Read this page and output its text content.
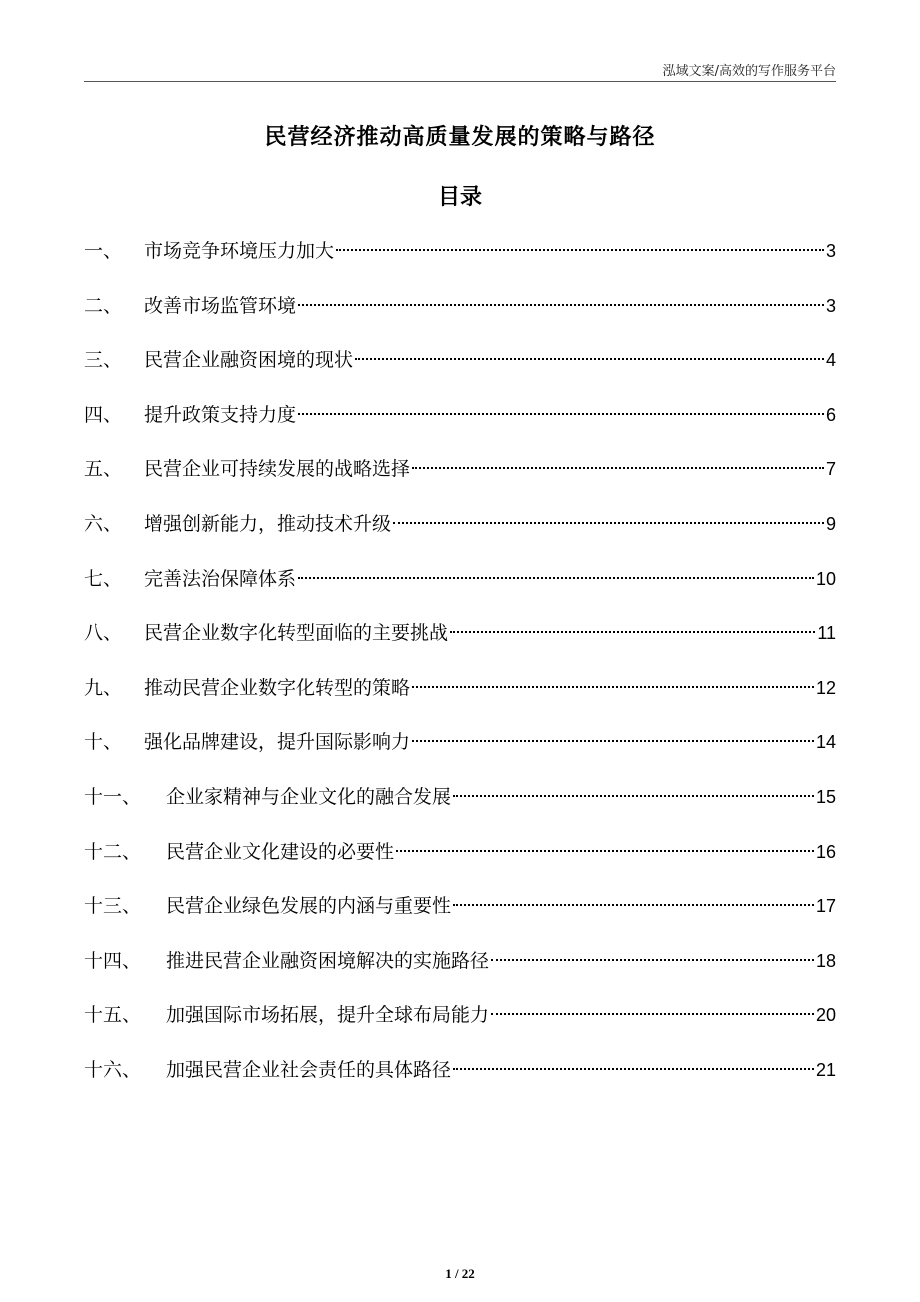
泓域文案/高效的写作服务平台
民营经济推动高质量发展的策略与路径
目录
一、	市场竞争环境压力加大	3
二、	改善市场监管环境	3
三、	民营企业融资困境的现状	4
四、	提升政策支持力度	6
五、	民营企业可持续发展的战略选择	7
六、	增强创新能力，推动技术升级	9
七、	完善法治保障体系	10
八、	民营企业数字化转型面临的主要挑战	11
九、	推动民营企业数字化转型的策略	12
十、	强化品牌建设，提升国际影响力	14
十一、	企业家精神与企业文化的融合发展	15
十二、	民营企业文化建设的必要性	16
十三、	民营企业绿色发展的内涵与重要性	17
十四、	推进民营企业融资困境解决的实施路径	18
十五、	加强国际市场拓展，提升全球布局能力	20
十六、	加强民营企业社会责任的具体路径	21
1 / 22
